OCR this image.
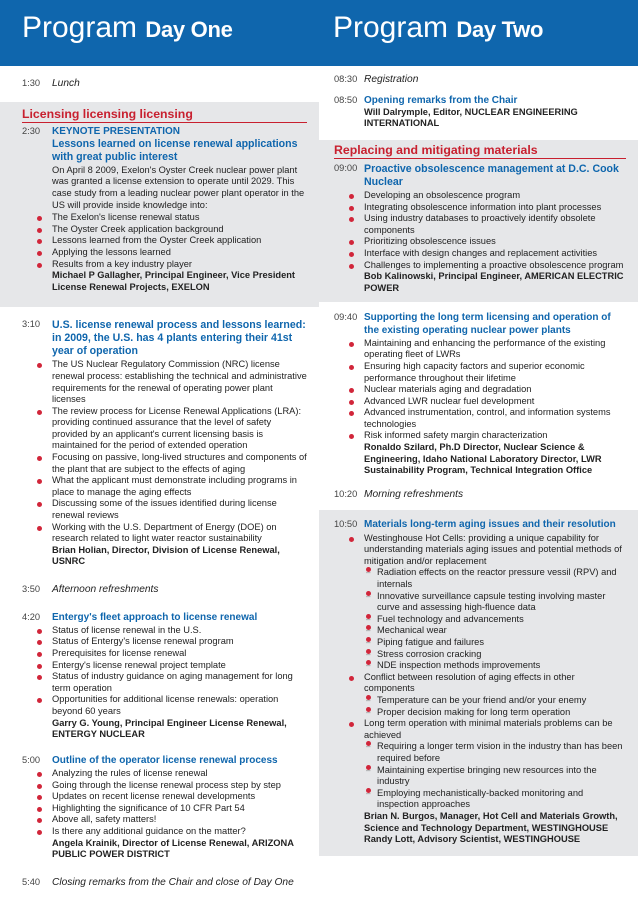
Program Day One
1:30	Lunch
Licensing licensing licensing
2:30	KEYNOTE PRESENTATION
Lessons learned on license renewal applications with great public interest
On April 8 2009, Exelon's Oyster Creek nuclear power plant was granted a license extension to operate until 2029. This case study from a leading nuclear power plant operator in the US will provide inside knowledge into:
The Exelon's license renewal status
The Oyster Creek application background
Lessons learned from the Oyster Creek application
Applying the lessons learned
Results from a key industry player
Michael P Gallagher, Principal Engineer, Vice President License Renewal Projects, EXELON
3:10	U.S. license renewal process and lessons learned: in 2009, the U.S. has 4 plants entering their 41st year of operation
The US Nuclear Regulatory Commission (NRC) license renewal process: establishing the technical and administrative requirements for the renewal of operating power plant licenses
The review process for License Renewal Applications (LRA): providing continued assurance that the level of safety provided by an applicant's current licensing basis is maintained for the period of extended operation
Focusing on passive, long-lived structures and components of the plant that are subject to the effects of aging
What the applicant must demonstrate including programs in place to manage the aging effects
Discussing some of the issues identified during license renewal reviews
Working with the U.S. Department of Energy (DOE) on research related to light water reactor sustainability
Brian Holian, Director, Division of License Renewal, USNRC
3:50	Afternoon refreshments
4:20	Entergy's fleet approach to license renewal
Status of license renewal in the U.S.
Status of Entergy's license renewal program
Prerequisites for license renewal
Entergy's license renewal project template
Status of industry guidance on aging management for long term operation
Opportunities for additional license renewals: operation beyond 60 years
Garry G. Young, Principal Engineer License Renewal, ENTERGY NUCLEAR
5:00	Outline of the operator license renewal process
Analyzing the rules of license renewal
Going through the license renewal process step by step
Updates on recent license renewal developments
Highlighting the significance of 10 CFR Part 54
Above all, safety matters!
Is there any additional guidance on the matter?
Angela Krainik, Director of License Renewal, ARIZONA PUBLIC POWER DISTRICT
5:40	Closing remarks from the Chair and close of Day One
Program Day Two
08:30 Registration
08:50 Opening remarks from the Chair
Will Dalrymple, Editor, NUCLEAR ENGINEERING INTERNATIONAL
Replacing and mitigating materials
09:00 Proactive obsolescence management at D.C. Cook Nuclear
Developing an obsolescence program
Integrating obsolescence information into plant processes
Using industry databases to proactively identify obsolete components
Prioritizing obsolescence issues
Interface with design changes and replacement activities
Challenges to implementing a proactive obsolescence program
Bob Kalinowski, Principal Engineer, AMERICAN ELECTRIC POWER
09:40 Supporting the long term licensing and operation of the existing operating nuclear power plants
Maintaining and enhancing the performance of the existing operating fleet of LWRs
Ensuring high capacity factors and superior economic performance throughout their lifetime
Nuclear materials aging and degradation
Advanced LWR nuclear fuel development
Advanced instrumentation, control, and information systems technologies
Risk informed safety margin characterization
Ronaldo Szilard, Ph.D Director, Nuclear Science & Engineering, Idaho National Laboratory Director, LWR Sustainability Program, Technical Integration Office
10:20 Morning refreshments
10:50 Materials long-term aging issues and their resolution
Westinghouse Hot Cells: providing a unique capability for understanding materials aging issues and potential methods of mitigation and/or replacement
– Radiation effects on the reactor pressure vessil (RPV) and internals
– Innovative surveillance capsule testing involving master curve and assessing high-fluence data
– Fuel technology and advancements
– Mechanical wear
– Piping fatigue and failures
– Stress corrosion cracking
– NDE inspection methods improvements
Conflict between resolution of aging effects in other components
– Temperature can be your friend and/or your enemy
– Proper decision making for long term operation
Long term operation with minimal materials problems can be achieved
– Requiring a longer term vision in the industry than has been required before
– Maintaining expertise bringing new resources into the industry
– Employing mechanistically-backed monitoring and inspection approaches
Brian N. Burgos, Manager, Hot Cell and Materials Growth, Science and Technology Department, WESTINGHOUSE
Randy Lott, Advisory Scientist, WESTINGHOUSE
